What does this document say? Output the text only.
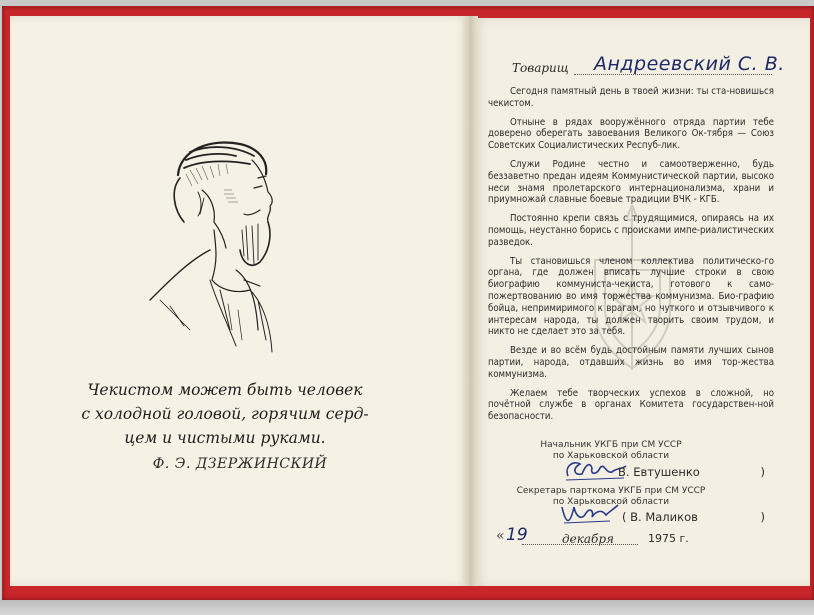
Чекистом может быть человек
с холодной головой, горячим серд-
цем и чистыми руками.
Ф. Э. ДЗЕРЖИНСКИЙ
Товарищ Андреевский С. В.

Сегодня памятный день в твоей жизни: ты ста-новишься чекистом.

Отныне в рядах вооружённого отряда партии тебе доверено оберегать завоевания Великого Ок-тября — Союз Советских Социалистических Респуб-лик.

Служи Родине честно и самоотверженно, будь беззаветно предан идеям Коммунистической партии, высоко неси знамя пролетарского интернационализма, храни и приумножай славные боевые традиции ВЧК - КГБ.

Постоянно крепи связь с трудящимися, опираясь на их помощь, неустанно борись с происками импе-риалистических разведок.

Ты становишься членом коллектива политическо-го органа, где должен вписать лучшие строки в свою биографию коммуниста-чекиста, готового к само-пожертвованию во имя торжества коммунизма. Био-графию бойца, непримиримого к врагам, но чуткого и отзывчивого к интересам народа, ты должен творить своим трудом, и никто не сделает это за тебя.

Везде и во всём будь достойным памяти лучших сынов партии, народа, отдавших жизнь во имя тор-жества коммунизма.

Желаем тебе творческих успехов в сложной, но почётной службе в органах Комитета государствен-ной безопасности.

Начальник УКГБ при СМ УССР
по Харьковской области
В. Евтушенко	)
Секретарь парткома УКГБ при СМ УССР
по Харьковской области
( В. Маликов	)
« 19	декабря	1975 г.
